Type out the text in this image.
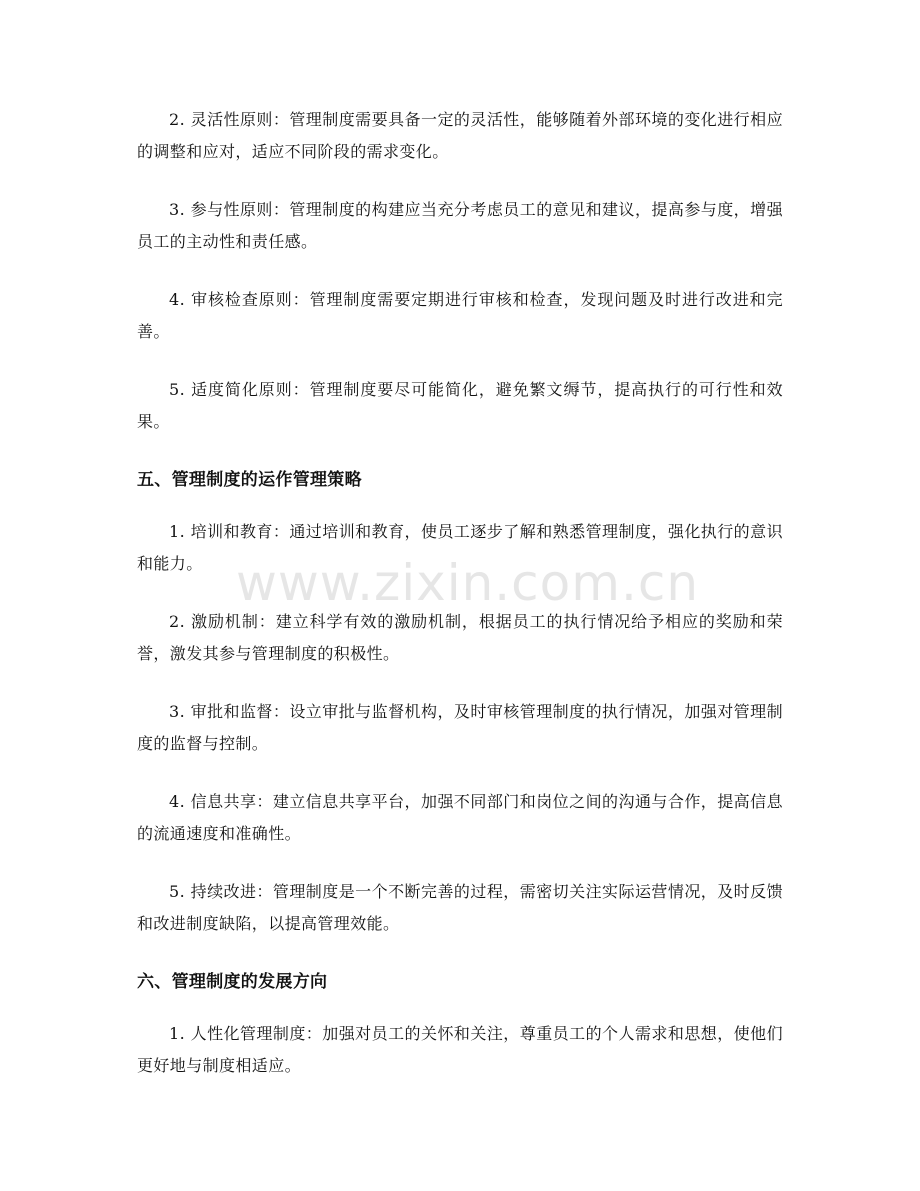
2. 灵活性原则：管理制度需要具备一定的灵活性，能够随着外部环境的变化进行相应的调整和应对，适应不同阶段的需求变化。

3. 参与性原则：管理制度的构建应当充分考虑员工的意见和建议，提高参与度，增强员工的主动性和责任感。

4. 审核检查原则：管理制度需要定期进行审核和检查，发现问题及时进行改进和完善。

5. 适度简化原则：管理制度要尽可能简化，避免繁文缛节，提高执行的可行性和效果。

五、管理制度的运作管理策略

1. 培训和教育：通过培训和教育，使员工逐步了解和熟悉管理制度，强化执行的意识和能力。

2. 激励机制：建立科学有效的激励机制，根据员工的执行情况给予相应的奖励和荣誉，激发其参与管理制度的积极性。

3. 审批和监督：设立审批与监督机构，及时审核管理制度的执行情况，加强对管理制度的监督与控制。

4. 信息共享：建立信息共享平台，加强不同部门和岗位之间的沟通与合作，提高信息的流通速度和准确性。

5. 持续改进：管理制度是一个不断完善的过程，需密切关注实际运营情况，及时反馈和改进制度缺陷，以提高管理效能。

六、管理制度的发展方向

1. 人性化管理制度：加强对员工的关怀和关注，尊重员工的个人需求和思想，使他们更好地与制度相适应。

www.zixin.com.cn
